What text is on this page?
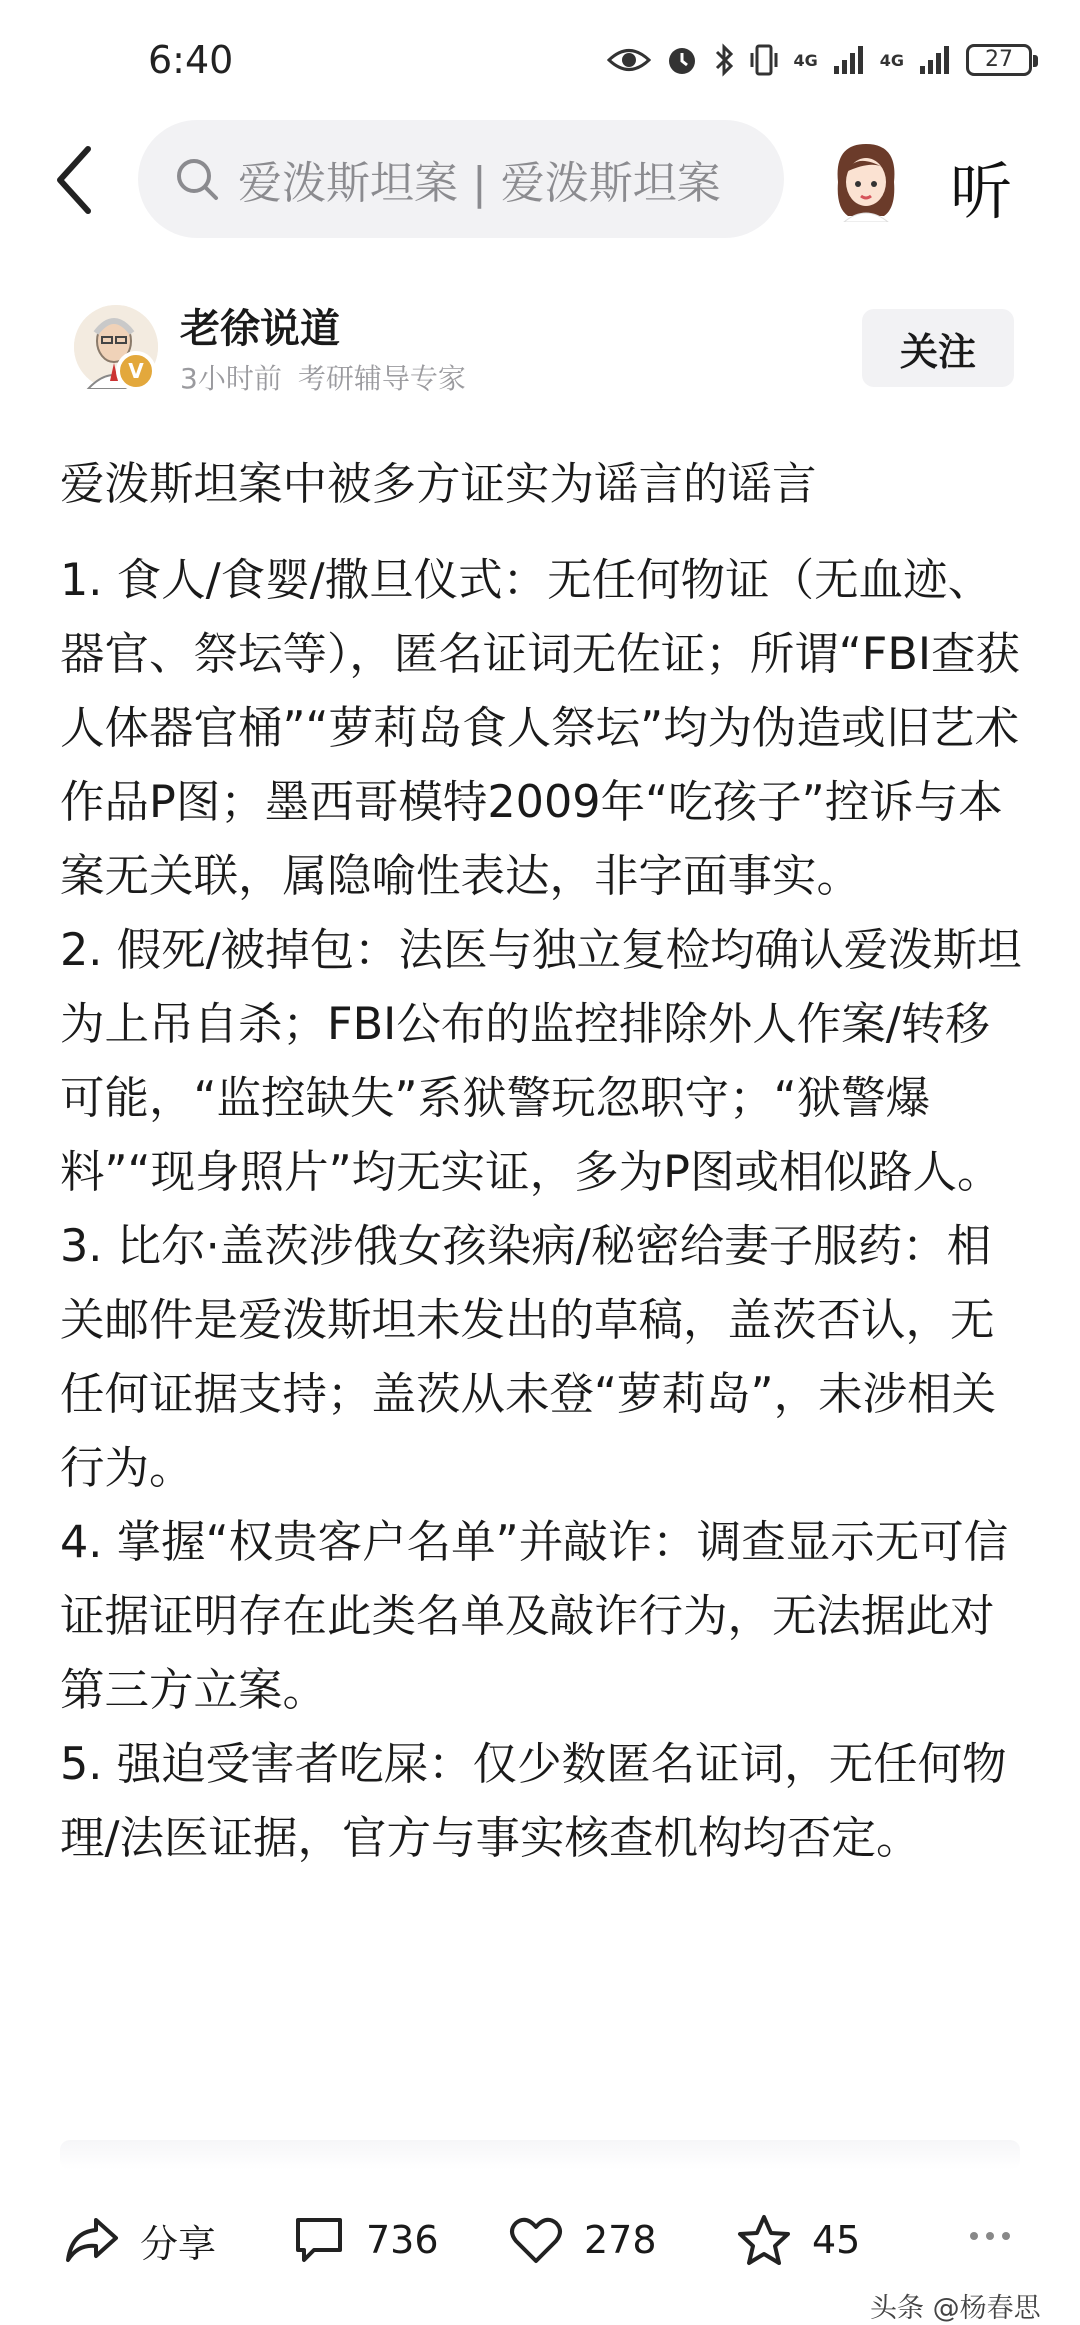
6:40	4G	4G	27
爱泼斯坦案 | 爱泼斯坦案	听
V
老徐说道
3小时前 考研辅导专家
关注

爱泼斯坦案中被多方证实为谣言的谣言

1. 食人/食婴/撒旦仪式：无任何物证（无血迹、器官、祭坛等），匿名证词无佐证；所谓“FBI查获人体器官桶”“萝莉岛食人祭坛”均为伪造或旧艺术作品P图；墨西哥模特2009年“吃孩子”控诉与本案无关联，属隐喻性表达，非字面事实。

2. 假死/被掉包：法医与独立复检均确认爱泼斯坦为上吊自杀；FBI公布的监控排除外人作案/转移可能，“监控缺失”系狱警玩忽职守；“狱警爆料”“现身照片”均无实证，多为P图或相似路人。

3. 比尔·盖茨涉俄女孩染病/秘密给妻子服药：相关邮件是爱泼斯坦未发出的草稿，盖茨否认，无任何证据支持；盖茨从未登“萝莉岛”，未涉相关行为。

4. 掌握“权贵客户名单”并敲诈：调查显示无可信证据证明存在此类名单及敲诈行为，无法据此对第三方立案。

5. 强迫受害者吃屎：仅少数匿名证词，无任何物理/法医证据，官方与事实核查机构均否定。

分享	736	278	45
头条 @杨春思
